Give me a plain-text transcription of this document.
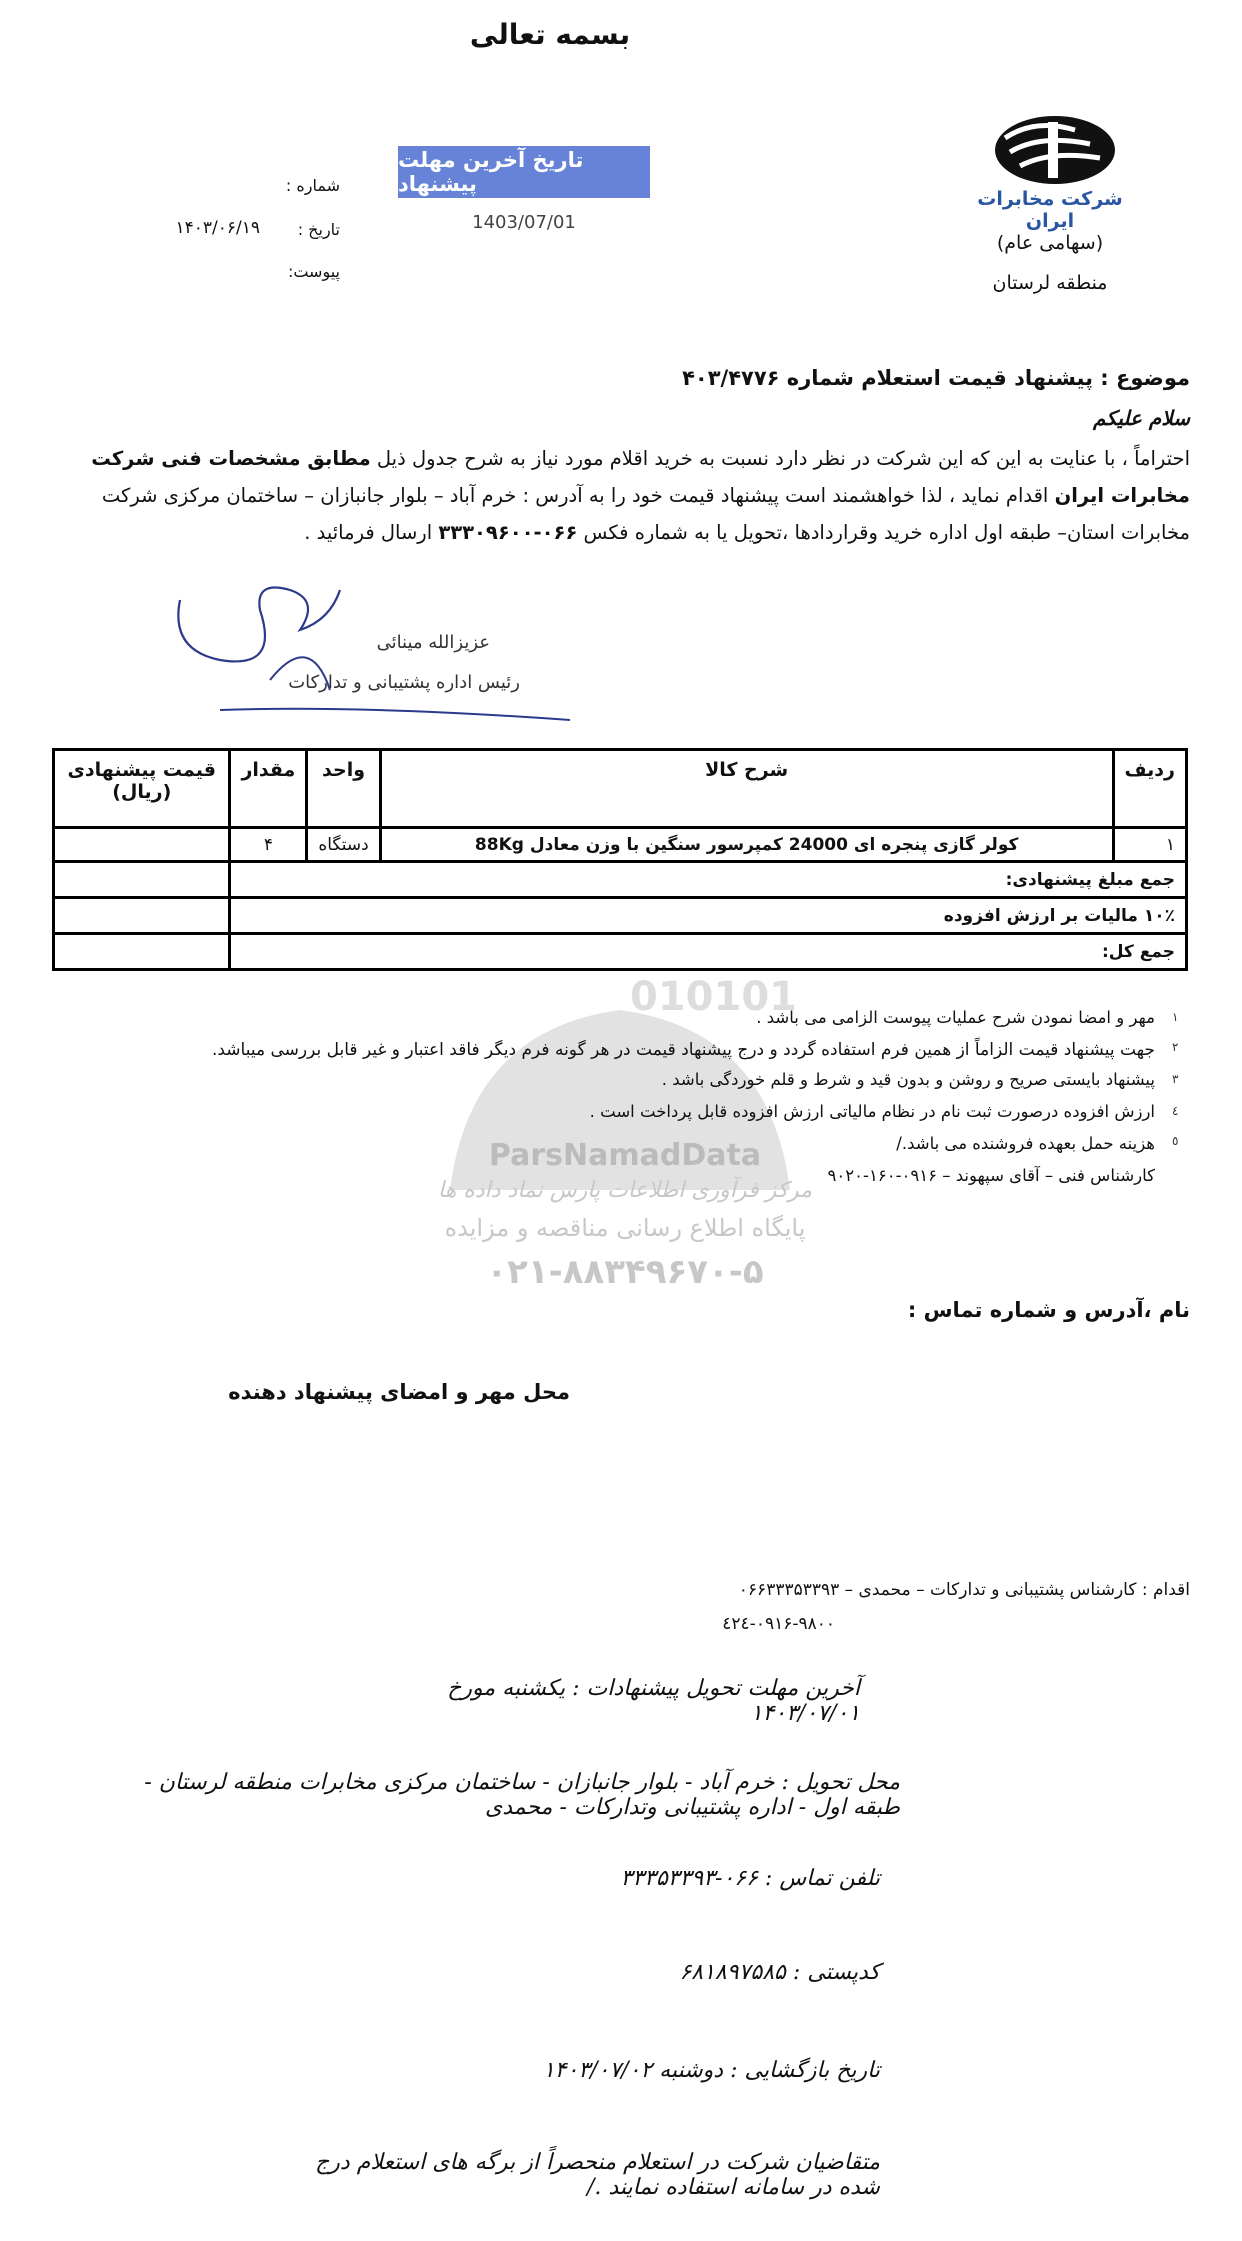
بسمه تعالی
شرکت مخابرات ایران
(سهامی عام)
منطقه لرستان
تاریخ آخرین مهلت پیشنهاد
1403/07/01
شماره :
تاریخ :
۱۴۰۳/۰۶/۱۹
پیوست:
موضوع : پیشنهاد قیمت استعلام شماره ۴۰۳/۴۷۷۶
سلام علیکم
احتراماً ، با عنایت به این که این شرکت در نظر دارد نسبت به خرید اقلام مورد نیاز به شرح جدول ذیل مطابق مشخصات فنی شرکت مخابرات ایران اقدام نماید ، لذا خواهشمند است پیشنهاد قیمت خود را به آدرس : خرم آباد – بلوار جانبازان – ساختمان مرکزی شرکت مخابرات استان– طبقه اول اداره خرید وقراردادها ،تحویل یا به شماره فکس ۰۶۶-۳۳۳۰۹۶۰۰ ارسال فرمائید .
عزیزالله مینائی
رئیس اداره پشتیبانی و تدارکات
ردیف	شرح کالا	واحد	مقدار	قیمت پیشنهادی
(ریال)
۱	کولر گازی پنجره ای 24000 کمپرسور سنگین با وزن معادل 88Kg	دستگاه	۴	
جمع مبلغ پیشنهادی:				
۱۰٪ مالیات بر ارزش افزوده				
جمع کل:				
010101
ParsNamadData
مرکز فرآوری اطلاعات پارس نماد داده ها
پایگاه اطلاع رسانی مناقصه و مزایده
۰۲۱-۸۸۳۴۹۶۷۰-۵
۱
مهر و امضا نمودن شرح عملیات پیوست الزامی می باشد .
۲
جهت پیشنهاد قیمت الزاماً از همین فرم استفاده گردد و درج پیشنهاد قیمت در هر گونه فرم دیگر فاقد اعتبار و غیر قابل بررسی میباشد.
۳
پیشنهاد بایستی صریح و روشن و بدون قید و شرط و قلم خوردگی باشد .
٤
ارزش افزوده درصورت ثبت نام در نظام مالیاتی ارزش افزوده قابل پرداخت است .
٥
هزینه حمل بعهده فروشنده می باشد./
کارشناس فنی – آقای سپهوند – ۰۹۱۶-۱۶۰-۹۰۲۰
نام ،آدرس و شماره تماس :
محل مهر و امضای پیشنهاد دهنده
اقدام : کارشناس پشتیبانی و تدارکات – محمدی – ۰۶۶۳۳۳۵۳۳۹۳
۰۹۱۶-۹۸۰۰-٤۲٤
آخرین مهلت تحویل پیشنهادات : یکشنبه مورخ ۱۴۰۳/۰۷/۰۱
محل تحویل : خرم آباد - بلوار جانبازان - ساختمان مرکزی مخابرات منطقه لرستان - طبقه اول - اداره پشتیبانی وتدارکات - محمدی
تلفن تماس : ۰۶۶-۳۳۳۵۳۳۹۳
کدپستی : ۶۸۱۸۹۷۵۸۵
تاریخ بازگشایی : دوشنبه ۱۴۰۳/۰۷/۰۲
متقاضیان شرکت در استعلام منحصراً از برگه های استعلام درج شده در سامانه استفاده نمایند ./
